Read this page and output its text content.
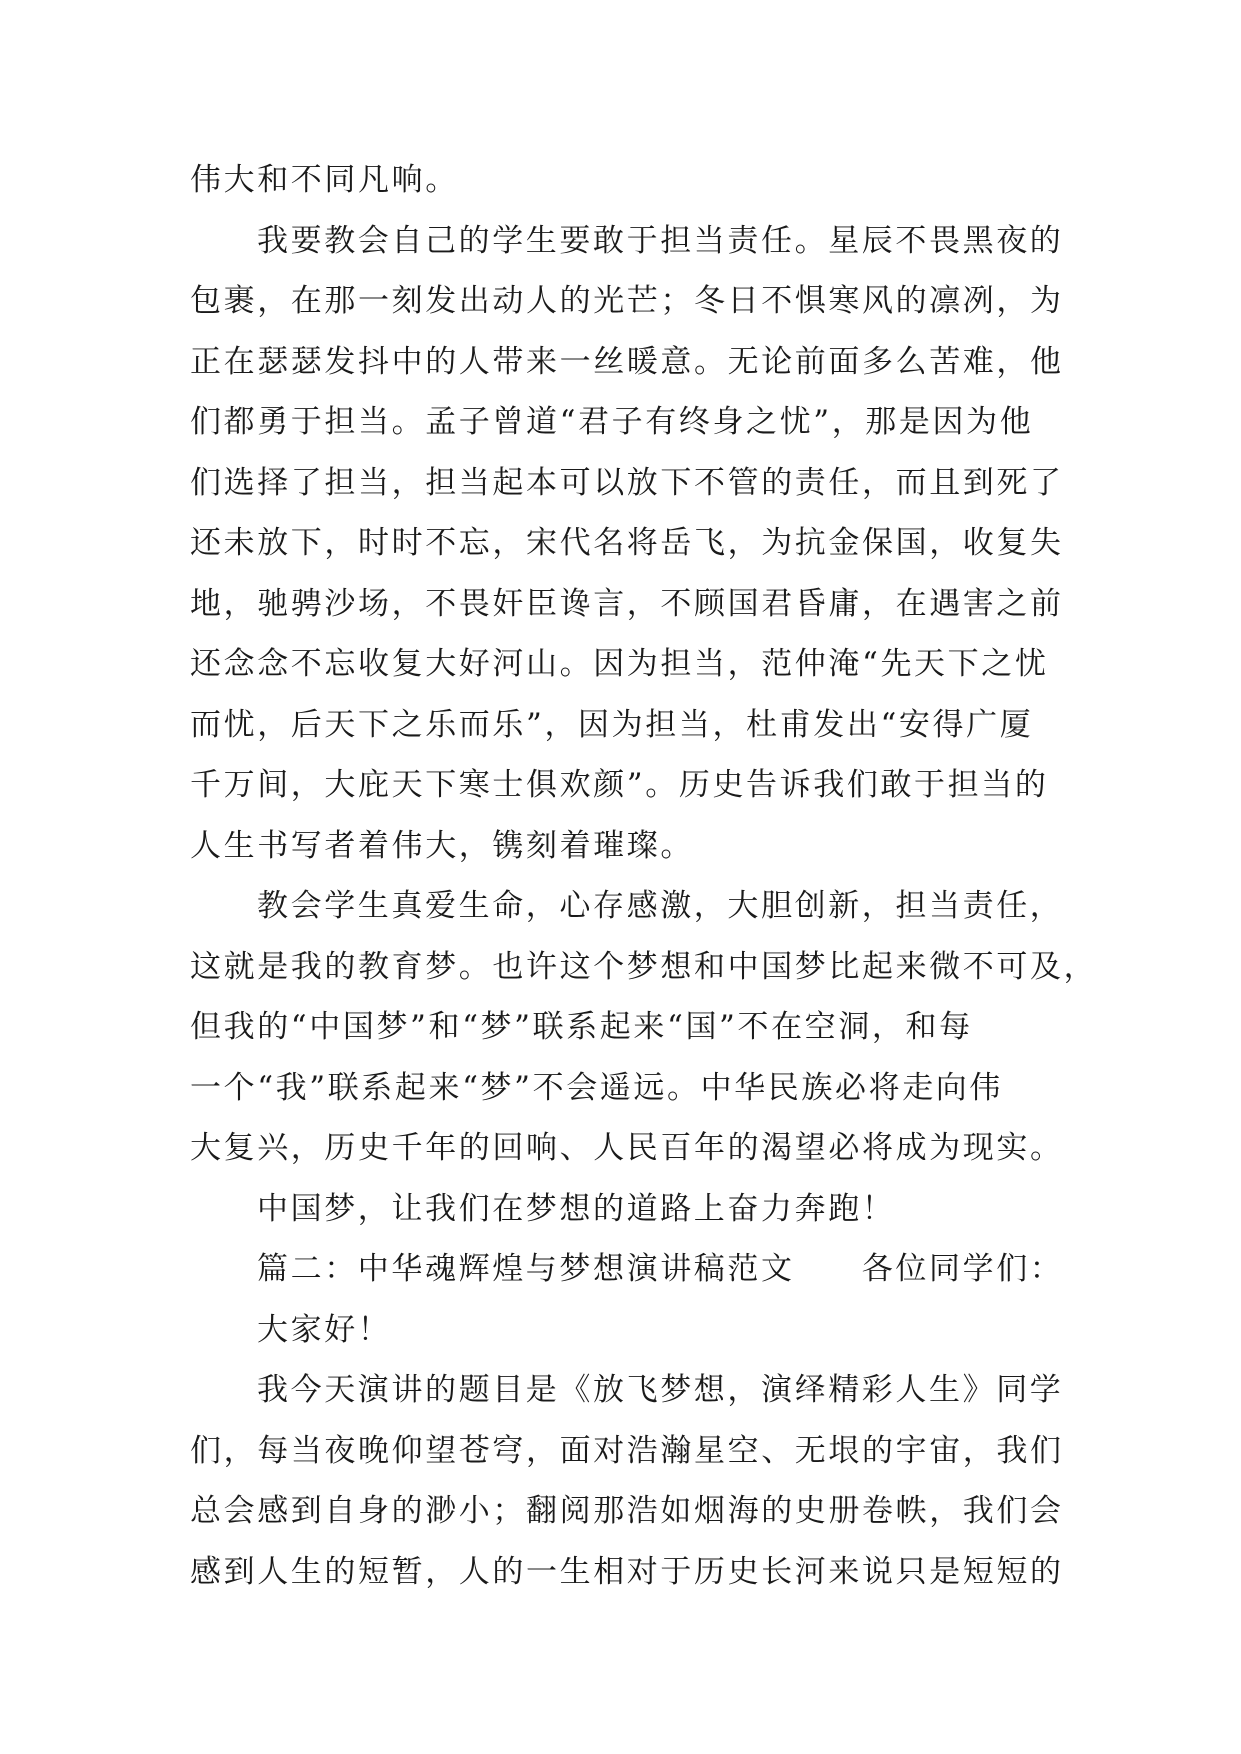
伟大和不同凡响。
我要教会自己的学生要敢于担当责任。星辰不畏黑夜的
包裹，在那一刻发出动人的光芒；冬日不惧寒风的凛冽，为
正在瑟瑟发抖中的人带来一丝暖意。无论前面多么苦难，他
们都勇于担当。孟子曾道“君子有终身之忧”，那是因为他
们选择了担当，担当起本可以放下不管的责任，而且到死了
还未放下，时时不忘，宋代名将岳飞，为抗金保国，收复失
地，驰骋沙场，不畏奸臣谗言，不顾国君昏庸，在遇害之前
还念念不忘收复大好河山。因为担当，范仲淹“先天下之忧
而忧，后天下之乐而乐”，因为担当，杜甫发出“安得广厦
千万间，大庇天下寒士俱欢颜”。历史告诉我们敢于担当的
人生书写者着伟大，镌刻着璀璨。
教会学生真爱生命，心存感激，大胆创新，担当责任，
这就是我的教育梦。也许这个梦想和中国梦比起来微不可及，
但我的“中国梦”和“梦”联系起来“国”不在空洞，和每
一个“我”联系起来“梦”不会遥远。中华民族必将走向伟
大复兴，历史千年的回响、人民百年的渴望必将成为现实。
中国梦，让我们在梦想的道路上奋力奔跑！
篇二：中华魂辉煌与梦想演讲稿范文　　各位同学们：
大家好！
我今天演讲的题目是《放飞梦想，演绎精彩人生》同学
们，每当夜晚仰望苍穹，面对浩瀚星空、无垠的宇宙，我们
总会感到自身的渺小；翻阅那浩如烟海的史册卷帙，我们会
感到人生的短暂，人的一生相对于历史长河来说只是短短的
